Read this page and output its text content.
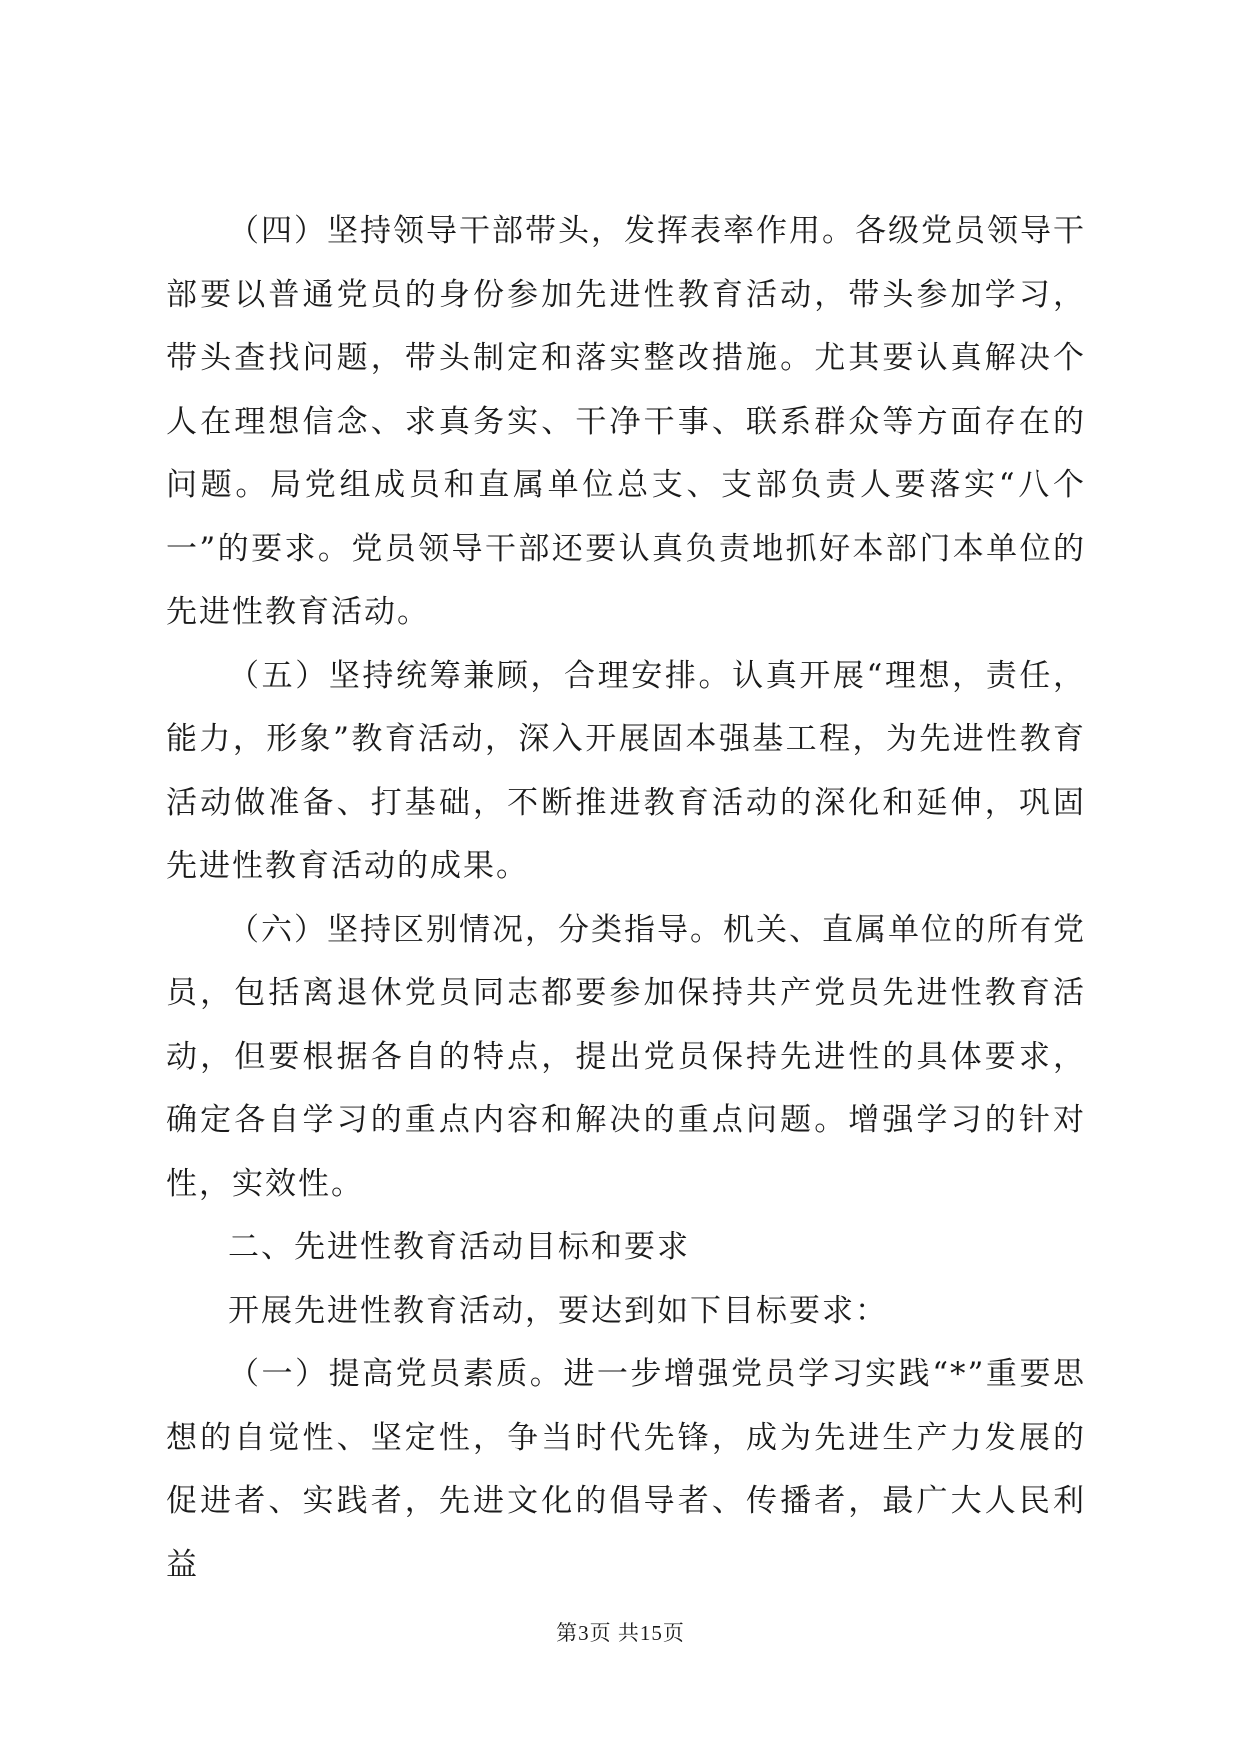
（四）坚持领导干部带头，发挥表率作用。各级党员领导干部要以普通党员的身份参加先进性教育活动，带头参加学习，带头查找问题，带头制定和落实整改措施。尤其要认真解决个人在理想信念、求真务实、干净干事、联系群众等方面存在的问题。局党组成员和直属单位总支、支部负责人要落实“八个一”的要求。党员领导干部还要认真负责地抓好本部门本单位的先进性教育活动。

（五）坚持统筹兼顾，合理安排。认真开展“理想，责任，能力，形象”教育活动，深入开展固本强基工程，为先进性教育活动做准备、打基础，不断推进教育活动的深化和延伸，巩固先进性教育活动的成果。

（六）坚持区别情况，分类指导。机关、直属单位的所有党员，包括离退休党员同志都要参加保持共产党员先进性教育活动，但要根据各自的特点，提出党员保持先进性的具体要求，确定各自学习的重点内容和解决的重点问题。增强学习的针对性，实效性。

二、先进性教育活动目标和要求

开展先进性教育活动，要达到如下目标要求：

（一）提高党员素质。进一步增强党员学习实践“*”重要思想的自觉性、坚定性，争当时代先锋，成为先进生产力发展的促进者、实践者，先进文化的倡导者、传播者，最广大人民利益

第3页 共15页
